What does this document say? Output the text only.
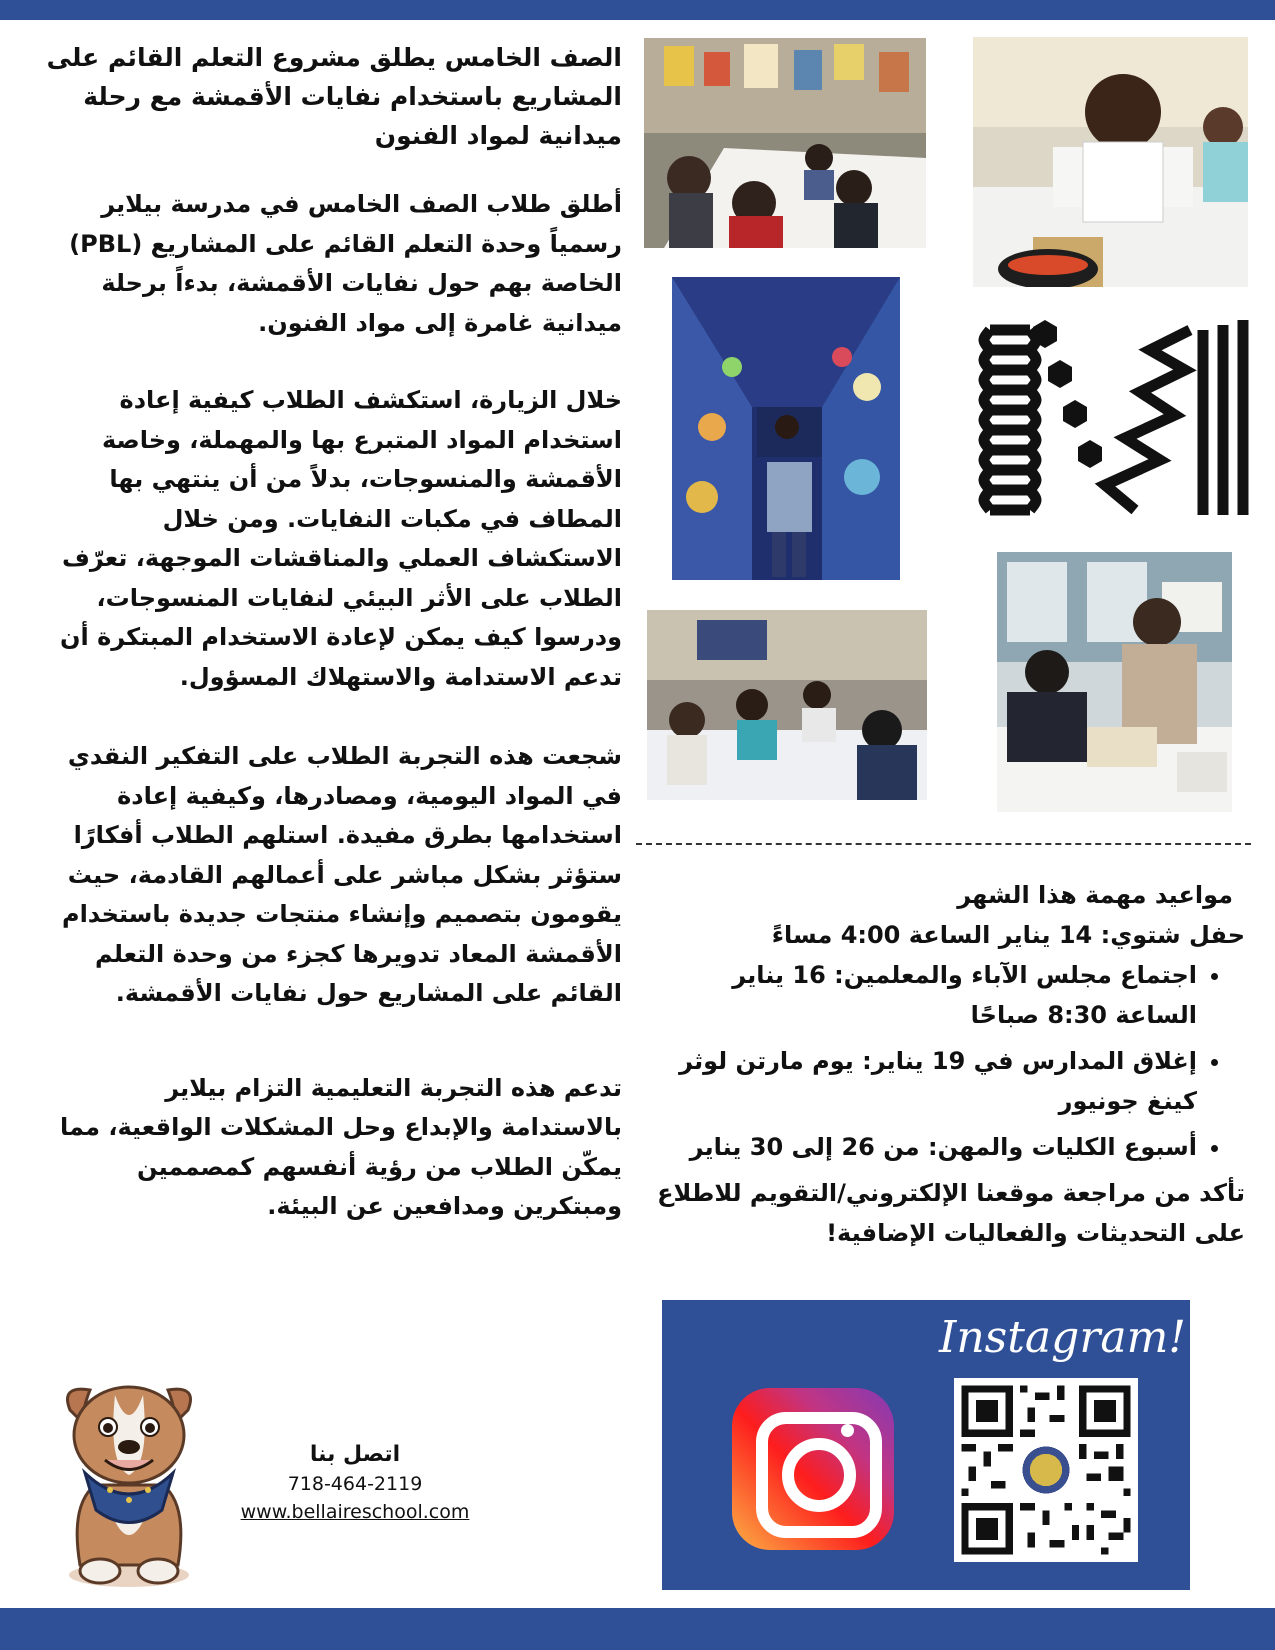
الصف الخامس يطلق مشروع التعلم القائم على المشاريع باستخدام نفايات الأقمشة مع رحلة ميدانية لمواد الفنون

أطلق طلاب الصف الخامس في مدرسة بيلاير رسمياً وحدة التعلم القائم على المشاريع (PBL) الخاصة بهم حول نفايات الأقمشة، بدءاً برحلة ميدانية غامرة إلى مواد الفنون.

خلال الزيارة، استكشف الطلاب كيفية إعادة استخدام المواد المتبرع بها والمهملة، وخاصة الأقمشة والمنسوجات، بدلاً من أن ينتهي بها المطاف في مكبات النفايات. ومن خلال الاستكشاف العملي والمناقشات الموجهة، تعرّف الطلاب على الأثر البيئي لنفايات المنسوجات، ودرسوا كيف يمكن لإعادة الاستخدام المبتكرة أن تدعم الاستدامة والاستهلاك المسؤول.

شجعت هذه التجربة الطلاب على التفكير النقدي في المواد اليومية، ومصادرها، وكيفية إعادة استخدامها بطرق مفيدة. استلهم الطلاب أفكارًا ستؤثر بشكل مباشر على أعمالهم القادمة، حيث يقومون بتصميم وإنشاء منتجات جديدة باستخدام الأقمشة المعاد تدويرها كجزء من وحدة التعلم القائم على المشاريع حول نفايات الأقمشة.

تدعم هذه التجربة التعليمية التزام بيلاير بالاستدامة والإبداع وحل المشكلات الواقعية، مما يمكّن الطلاب من رؤية أنفسهم كمصممين ومبتكرين ومدافعين عن البيئة.

مواعيد مهمة هذا الشهر
حفل شتوي: 14 يناير الساعة 4:00 مساءً
• اجتماع مجلس الآباء والمعلمين: 16 يناير الساعة 8:30 صباحًا
• إغلاق المدارس في 19 يناير: يوم مارتن لوثر كينغ جونيور
• أسبوع الكليات والمهن: من 26 إلى 30 يناير
تأكد من مراجعة موقعنا الإلكتروني/التقويم للاطلاع على التحديثات والفعاليات الإضافية!
Instagram!
اتصل بنا
718-464-2119
www.bellaireschool.com
